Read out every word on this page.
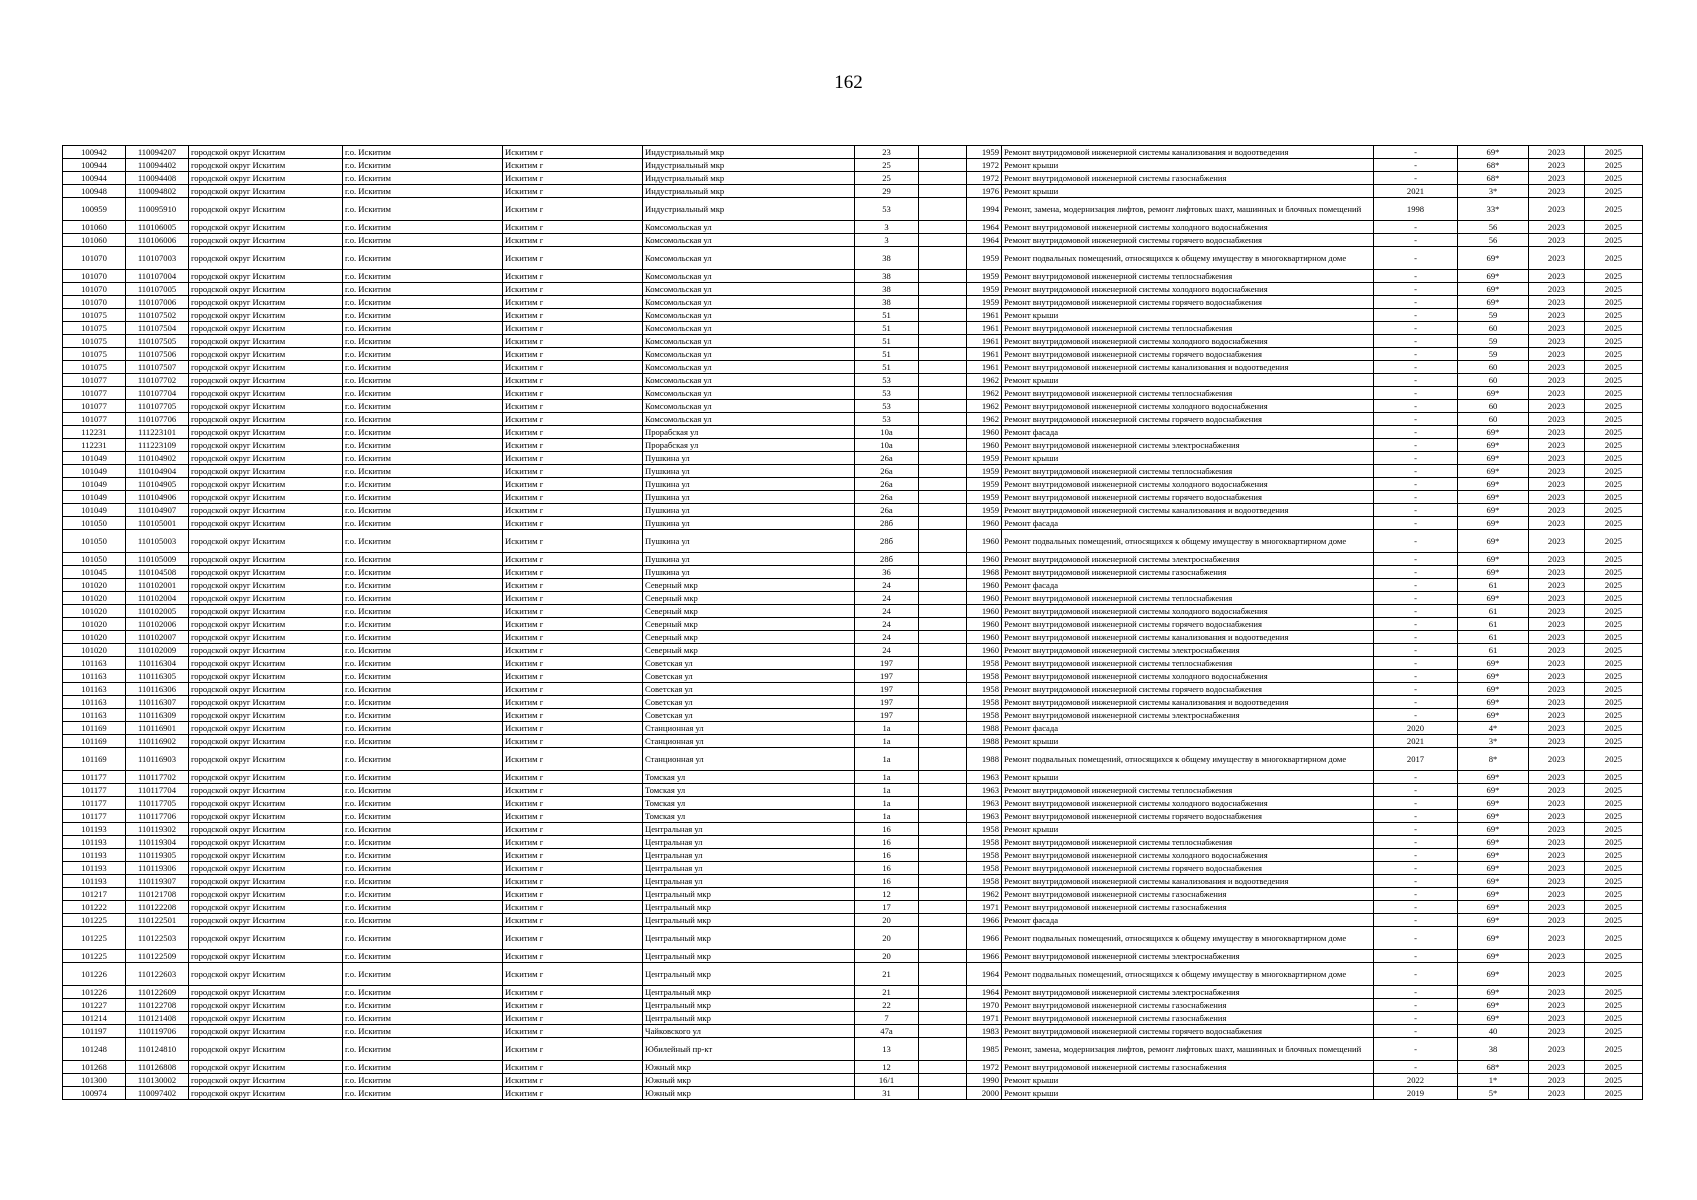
162
100942	110094207	городской округ Искитим	г.о. Искитим	Искитим г	Индустриальный мкр	23		1959	Ремонт внутридомовой инженерной системы канализования и водоотведения	-	69*	2023	2025
100944	110094402	городской округ Искитим	г.о. Искитим	Искитим г	Индустриальный мкр	25		1972	Ремонт крыши	-	68*	2023	2025
100944	110094408	городской округ Искитим	г.о. Искитим	Искитим г	Индустриальный мкр	25		1972	Ремонт внутридомовой инженерной системы газоснабжения	-	68*	2023	2025
100948	110094802	городской округ Искитим	г.о. Искитим	Искитим г	Индустриальный мкр	29		1976	Ремонт крыши	2021	3*	2023	2025
100959	110095910	городской округ Искитим	г.о. Искитим	Искитим г	Индустриальный мкр	53		1994	Ремонт, замена, модернизация лифтов, ремонт лифтовых шахт, машинных и блочных помещений	1998	33*	2023	2025
101060	110106005	городской округ Искитим	г.о. Искитим	Искитим г	Комсомольская ул	3		1964	Ремонт внутридомовой инженерной системы холодного водоснабжения	-	56	2023	2025
101060	110106006	городской округ Искитим	г.о. Искитим	Искитим г	Комсомольская ул	3		1964	Ремонт внутридомовой инженерной системы горячего водоснабжения	-	56	2023	2025
101070	110107003	городской округ Искитим	г.о. Искитим	Искитим г	Комсомольская ул	38		1959	Ремонт подвальных помещений, относящихся к общему имуществу в многоквартирном доме	-	69*	2023	2025
101070	110107004	городской округ Искитим	г.о. Искитим	Искитим г	Комсомольская ул	38		1959	Ремонт внутридомовой инженерной системы теплоснабжения	-	69*	2023	2025
101070	110107005	городской округ Искитим	г.о. Искитим	Искитим г	Комсомольская ул	38		1959	Ремонт внутридомовой инженерной системы холодного водоснабжения	-	69*	2023	2025
101070	110107006	городской округ Искитим	г.о. Искитим	Искитим г	Комсомольская ул	38		1959	Ремонт внутридомовой инженерной системы горячего водоснабжения	-	69*	2023	2025
101075	110107502	городской округ Искитим	г.о. Искитим	Искитим г	Комсомольская ул	51		1961	Ремонт крыши	-	59	2023	2025
101075	110107504	городской округ Искитим	г.о. Искитим	Искитим г	Комсомольская ул	51		1961	Ремонт внутридомовой инженерной системы теплоснабжения	-	60	2023	2025
101075	110107505	городской округ Искитим	г.о. Искитим	Искитим г	Комсомольская ул	51		1961	Ремонт внутридомовой инженерной системы холодного водоснабжения	-	59	2023	2025
101075	110107506	городской округ Искитим	г.о. Искитим	Искитим г	Комсомольская ул	51		1961	Ремонт внутридомовой инженерной системы горячего водоснабжения	-	59	2023	2025
101075	110107507	городской округ Искитим	г.о. Искитим	Искитим г	Комсомольская ул	51		1961	Ремонт внутридомовой инженерной системы канализования и водоотведения	-	60	2023	2025
101077	110107702	городской округ Искитим	г.о. Искитим	Искитим г	Комсомольская ул	53		1962	Ремонт крыши	-	60	2023	2025
101077	110107704	городской округ Искитим	г.о. Искитим	Искитим г	Комсомольская ул	53		1962	Ремонт внутридомовой инженерной системы теплоснабжения	-	69*	2023	2025
101077	110107705	городской округ Искитим	г.о. Искитим	Искитим г	Комсомольская ул	53		1962	Ремонт внутридомовой инженерной системы холодного водоснабжения	-	60	2023	2025
101077	110107706	городской округ Искитим	г.о. Искитим	Искитим г	Комсомольская ул	53		1962	Ремонт внутридомовой инженерной системы горячего водоснабжения	-	60	2023	2025
112231	111223101	городской округ Искитим	г.о. Искитим	Искитим г	Прорабская ул	10а		1960	Ремонт фасада	-	69*	2023	2025
112231	111223109	городской округ Искитим	г.о. Искитим	Искитим г	Прорабская ул	10а		1960	Ремонт внутридомовой инженерной системы электроснабжения	-	69*	2023	2025
101049	110104902	городской округ Искитим	г.о. Искитим	Искитим г	Пушкина ул	26а		1959	Ремонт крыши	-	69*	2023	2025
101049	110104904	городской округ Искитим	г.о. Искитим	Искитим г	Пушкина ул	26а		1959	Ремонт внутридомовой инженерной системы теплоснабжения	-	69*	2023	2025
101049	110104905	городской округ Искитим	г.о. Искитим	Искитим г	Пушкина ул	26а		1959	Ремонт внутридомовой инженерной системы холодного водоснабжения	-	69*	2023	2025
101049	110104906	городской округ Искитим	г.о. Искитим	Искитим г	Пушкина ул	26а		1959	Ремонт внутридомовой инженерной системы горячего водоснабжения	-	69*	2023	2025
101049	110104907	городской округ Искитим	г.о. Искитим	Искитим г	Пушкина ул	26а		1959	Ремонт внутридомовой инженерной системы канализования и водоотведения	-	69*	2023	2025
101050	110105001	городской округ Искитим	г.о. Искитим	Искитим г	Пушкина ул	28б		1960	Ремонт фасада	-	69*	2023	2025
101050	110105003	городской округ Искитим	г.о. Искитим	Искитим г	Пушкина ул	28б		1960	Ремонт подвальных помещений, относящихся к общему имуществу в многоквартирном доме	-	69*	2023	2025
101050	110105009	городской округ Искитим	г.о. Искитим	Искитим г	Пушкина ул	28б		1960	Ремонт внутридомовой инженерной системы электроснабжения	-	69*	2023	2025
101045	110104508	городской округ Искитим	г.о. Искитим	Искитим г	Пушкина ул	36		1968	Ремонт внутридомовой инженерной системы газоснабжения	-	69*	2023	2025
101020	110102001	городской округ Искитим	г.о. Искитим	Искитим г	Северный мкр	24		1960	Ремонт фасада	-	61	2023	2025
101020	110102004	городской округ Искитим	г.о. Искитим	Искитим г	Северный мкр	24		1960	Ремонт внутридомовой инженерной системы теплоснабжения	-	69*	2023	2025
101020	110102005	городской округ Искитим	г.о. Искитим	Искитим г	Северный мкр	24		1960	Ремонт внутридомовой инженерной системы холодного водоснабжения	-	61	2023	2025
101020	110102006	городской округ Искитим	г.о. Искитим	Искитим г	Северный мкр	24		1960	Ремонт внутридомовой инженерной системы горячего водоснабжения	-	61	2023	2025
101020	110102007	городской округ Искитим	г.о. Искитим	Искитим г	Северный мкр	24		1960	Ремонт внутридомовой инженерной системы канализования и водоотведения	-	61	2023	2025
101020	110102009	городской округ Искитим	г.о. Искитим	Искитим г	Северный мкр	24		1960	Ремонт внутридомовой инженерной системы электроснабжения	-	61	2023	2025
101163	110116304	городской округ Искитим	г.о. Искитим	Искитим г	Советская ул	197		1958	Ремонт внутридомовой инженерной системы теплоснабжения	-	69*	2023	2025
101163	110116305	городской округ Искитим	г.о. Искитим	Искитим г	Советская ул	197		1958	Ремонт внутридомовой инженерной системы холодного водоснабжения	-	69*	2023	2025
101163	110116306	городской округ Искитим	г.о. Искитим	Искитим г	Советская ул	197		1958	Ремонт внутридомовой инженерной системы горячего водоснабжения	-	69*	2023	2025
101163	110116307	городской округ Искитим	г.о. Искитим	Искитим г	Советская ул	197		1958	Ремонт внутридомовой инженерной системы канализования и водоотведения	-	69*	2023	2025
101163	110116309	городской округ Искитим	г.о. Искитим	Искитим г	Советская ул	197		1958	Ремонт внутридомовой инженерной системы электроснабжения	-	69*	2023	2025
101169	110116901	городской округ Искитим	г.о. Искитим	Искитим г	Станционная ул	1а		1988	Ремонт фасада	2020	4*	2023	2025
101169	110116902	городской округ Искитим	г.о. Искитим	Искитим г	Станционная ул	1а		1988	Ремонт крыши	2021	3*	2023	2025
101169	110116903	городской округ Искитим	г.о. Искитим	Искитим г	Станционная ул	1а		1988	Ремонт подвальных помещений, относящихся к общему имуществу в многоквартирном доме	2017	8*	2023	2025
101177	110117702	городской округ Искитим	г.о. Искитим	Искитим г	Томская ул	1а		1963	Ремонт крыши	-	69*	2023	2025
101177	110117704	городской округ Искитим	г.о. Искитим	Искитим г	Томская ул	1а		1963	Ремонт внутридомовой инженерной системы теплоснабжения	-	69*	2023	2025
101177	110117705	городской округ Искитим	г.о. Искитим	Искитим г	Томская ул	1а		1963	Ремонт внутридомовой инженерной системы холодного водоснабжения	-	69*	2023	2025
101177	110117706	городской округ Искитим	г.о. Искитим	Искитим г	Томская ул	1а		1963	Ремонт внутридомовой инженерной системы горячего водоснабжения	-	69*	2023	2025
101193	110119302	городской округ Искитим	г.о. Искитим	Искитим г	Центральная ул	16		1958	Ремонт крыши	-	69*	2023	2025
101193	110119304	городской округ Искитим	г.о. Искитим	Искитим г	Центральная ул	16		1958	Ремонт внутридомовой инженерной системы теплоснабжения	-	69*	2023	2025
101193	110119305	городской округ Искитим	г.о. Искитим	Искитим г	Центральная ул	16		1958	Ремонт внутридомовой инженерной системы холодного водоснабжения	-	69*	2023	2025
101193	110119306	городской округ Искитим	г.о. Искитим	Искитим г	Центральная ул	16		1958	Ремонт внутридомовой инженерной системы горячего водоснабжения	-	69*	2023	2025
101193	110119307	городской округ Искитим	г.о. Искитим	Искитим г	Центральная ул	16		1958	Ремонт внутридомовой инженерной системы канализования и водоотведения	-	69*	2023	2025
101217	110121708	городской округ Искитим	г.о. Искитим	Искитим г	Центральный мкр	12		1962	Ремонт внутридомовой инженерной системы газоснабжения	-	69*	2023	2025
101222	110122208	городской округ Искитим	г.о. Искитим	Искитим г	Центральный мкр	17		1971	Ремонт внутридомовой инженерной системы газоснабжения	-	69*	2023	2025
101225	110122501	городской округ Искитим	г.о. Искитим	Искитим г	Центральный мкр	20		1966	Ремонт фасада	-	69*	2023	2025
101225	110122503	городской округ Искитим	г.о. Искитим	Искитим г	Центральный мкр	20		1966	Ремонт подвальных помещений, относящихся к общему имуществу в многоквартирном доме	-	69*	2023	2025
101225	110122509	городской округ Искитим	г.о. Искитим	Искитим г	Центральный мкр	20		1966	Ремонт внутридомовой инженерной системы электроснабжения	-	69*	2023	2025
101226	110122603	городской округ Искитим	г.о. Искитим	Искитим г	Центральный мкр	21		1964	Ремонт подвальных помещений, относящихся к общему имуществу в многоквартирном доме	-	69*	2023	2025
101226	110122609	городской округ Искитим	г.о. Искитим	Искитим г	Центральный мкр	21		1964	Ремонт внутридомовой инженерной системы электроснабжения	-	69*	2023	2025
101227	110122708	городской округ Искитим	г.о. Искитим	Искитим г	Центральный мкр	22		1970	Ремонт внутридомовой инженерной системы газоснабжения	-	69*	2023	2025
101214	110121408	городской округ Искитим	г.о. Искитим	Искитим г	Центральный мкр	7		1971	Ремонт внутридомовой инженерной системы газоснабжения	-	69*	2023	2025
101197	110119706	городской округ Искитим	г.о. Искитим	Искитим г	Чайковского ул	47а		1983	Ремонт внутридомовой инженерной системы горячего водоснабжения	-	40	2023	2025
101248	110124810	городской округ Искитим	г.о. Искитим	Искитим г	Юбилейный пр-кт	13		1985	Ремонт, замена, модернизация лифтов, ремонт лифтовых шахт, машинных и блочных помещений	-	38	2023	2025
101268	110126808	городской округ Искитим	г.о. Искитим	Искитим г	Южный мкр	12		1972	Ремонт внутридомовой инженерной системы газоснабжения	-	68*	2023	2025
101300	110130002	городской округ Искитим	г.о. Искитим	Искитим г	Южный мкр	16/1		1990	Ремонт крыши	2022	1*	2023	2025
100974	110097402	городской округ Искитим	г.о. Искитим	Искитим г	Южный мкр	31		2000	Ремонт крыши	2019	5*	2023	2025
